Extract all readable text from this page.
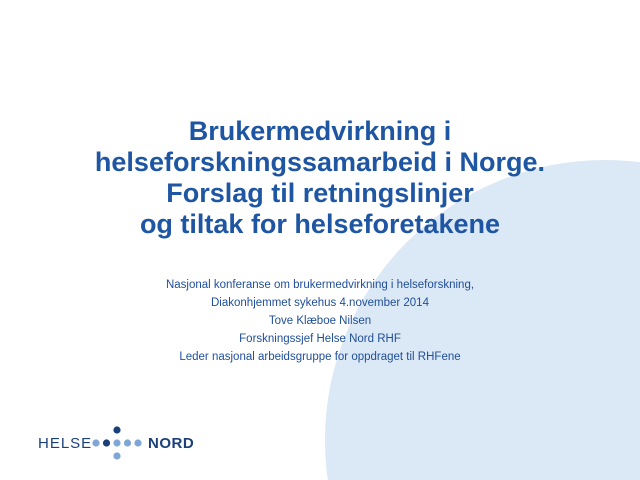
Brukermedvirkning i
helseforskningssamarbeid i Norge.
Forslag til retningslinjer
og tiltak for helseforetakene
Nasjonal konferanse om brukermedvirkning i helseforskning,
Diakonhjemmet sykehus 4.november 2014
Tove Klæboe Nilsen
Forskningssjef Helse Nord RHF
Leder nasjonal arbeidsgruppe for oppdraget til RHFene
HELSE	NORD
